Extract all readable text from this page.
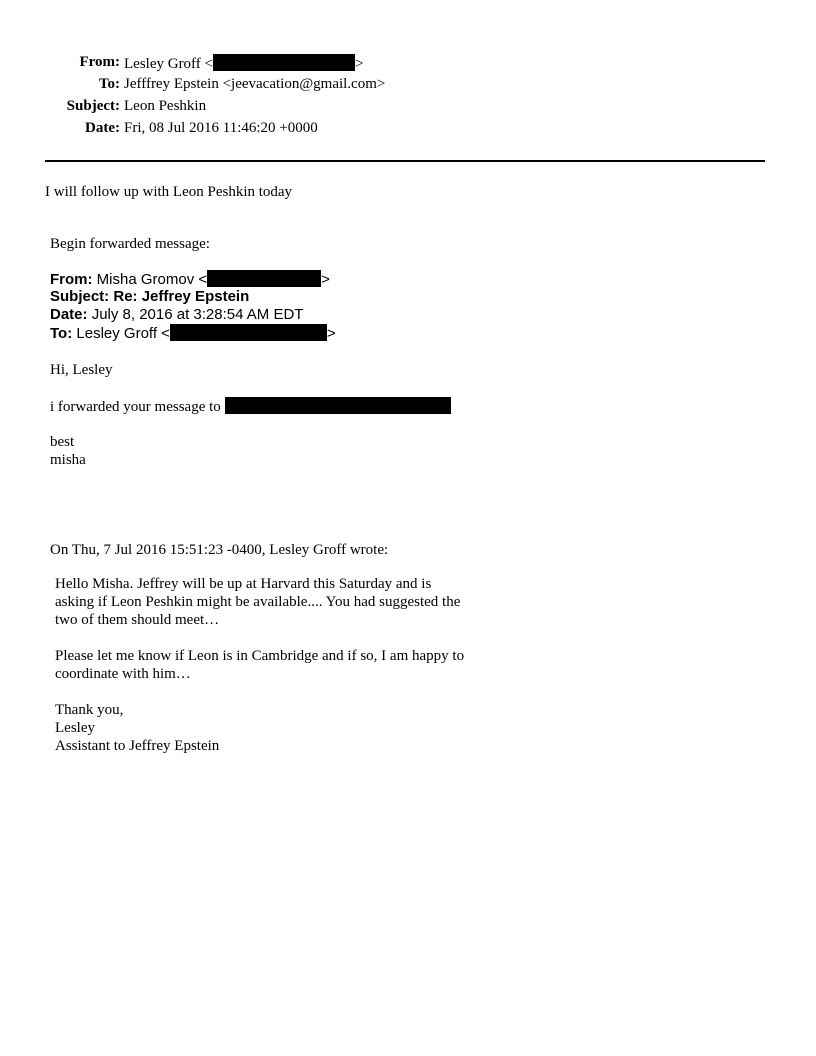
From: Lesley Groff <	>
To: Jefffrey Epstein <jeevacation@gmail.com>
Subject: Leon Peshkin
Date: Fri, 08 Jul 2016 11:46:20 +0000
I will follow up with Leon Peshkin today
Begin forwarded message:
From: Misha Gromov <	>
Subject: Re: Jeffrey Epstein
Date: July 8, 2016 at 3:28:54 AM EDT
To: Lesley Groff <	>
Hi, Lesley
i forwarded your message to
best
misha
On Thu, 7 Jul 2016 15:51:23 -0400, Lesley Groff wrote:
Hello Misha. Jeffrey will be up at Harvard this Saturday and is
asking if Leon Peshkin might be available.... You had suggested the
two of them should meet…
Please let me know if Leon is in Cambridge and if so, I am happy to
coordinate with him…
Thank you,
Lesley
Assistant to Jeffrey Epstein
